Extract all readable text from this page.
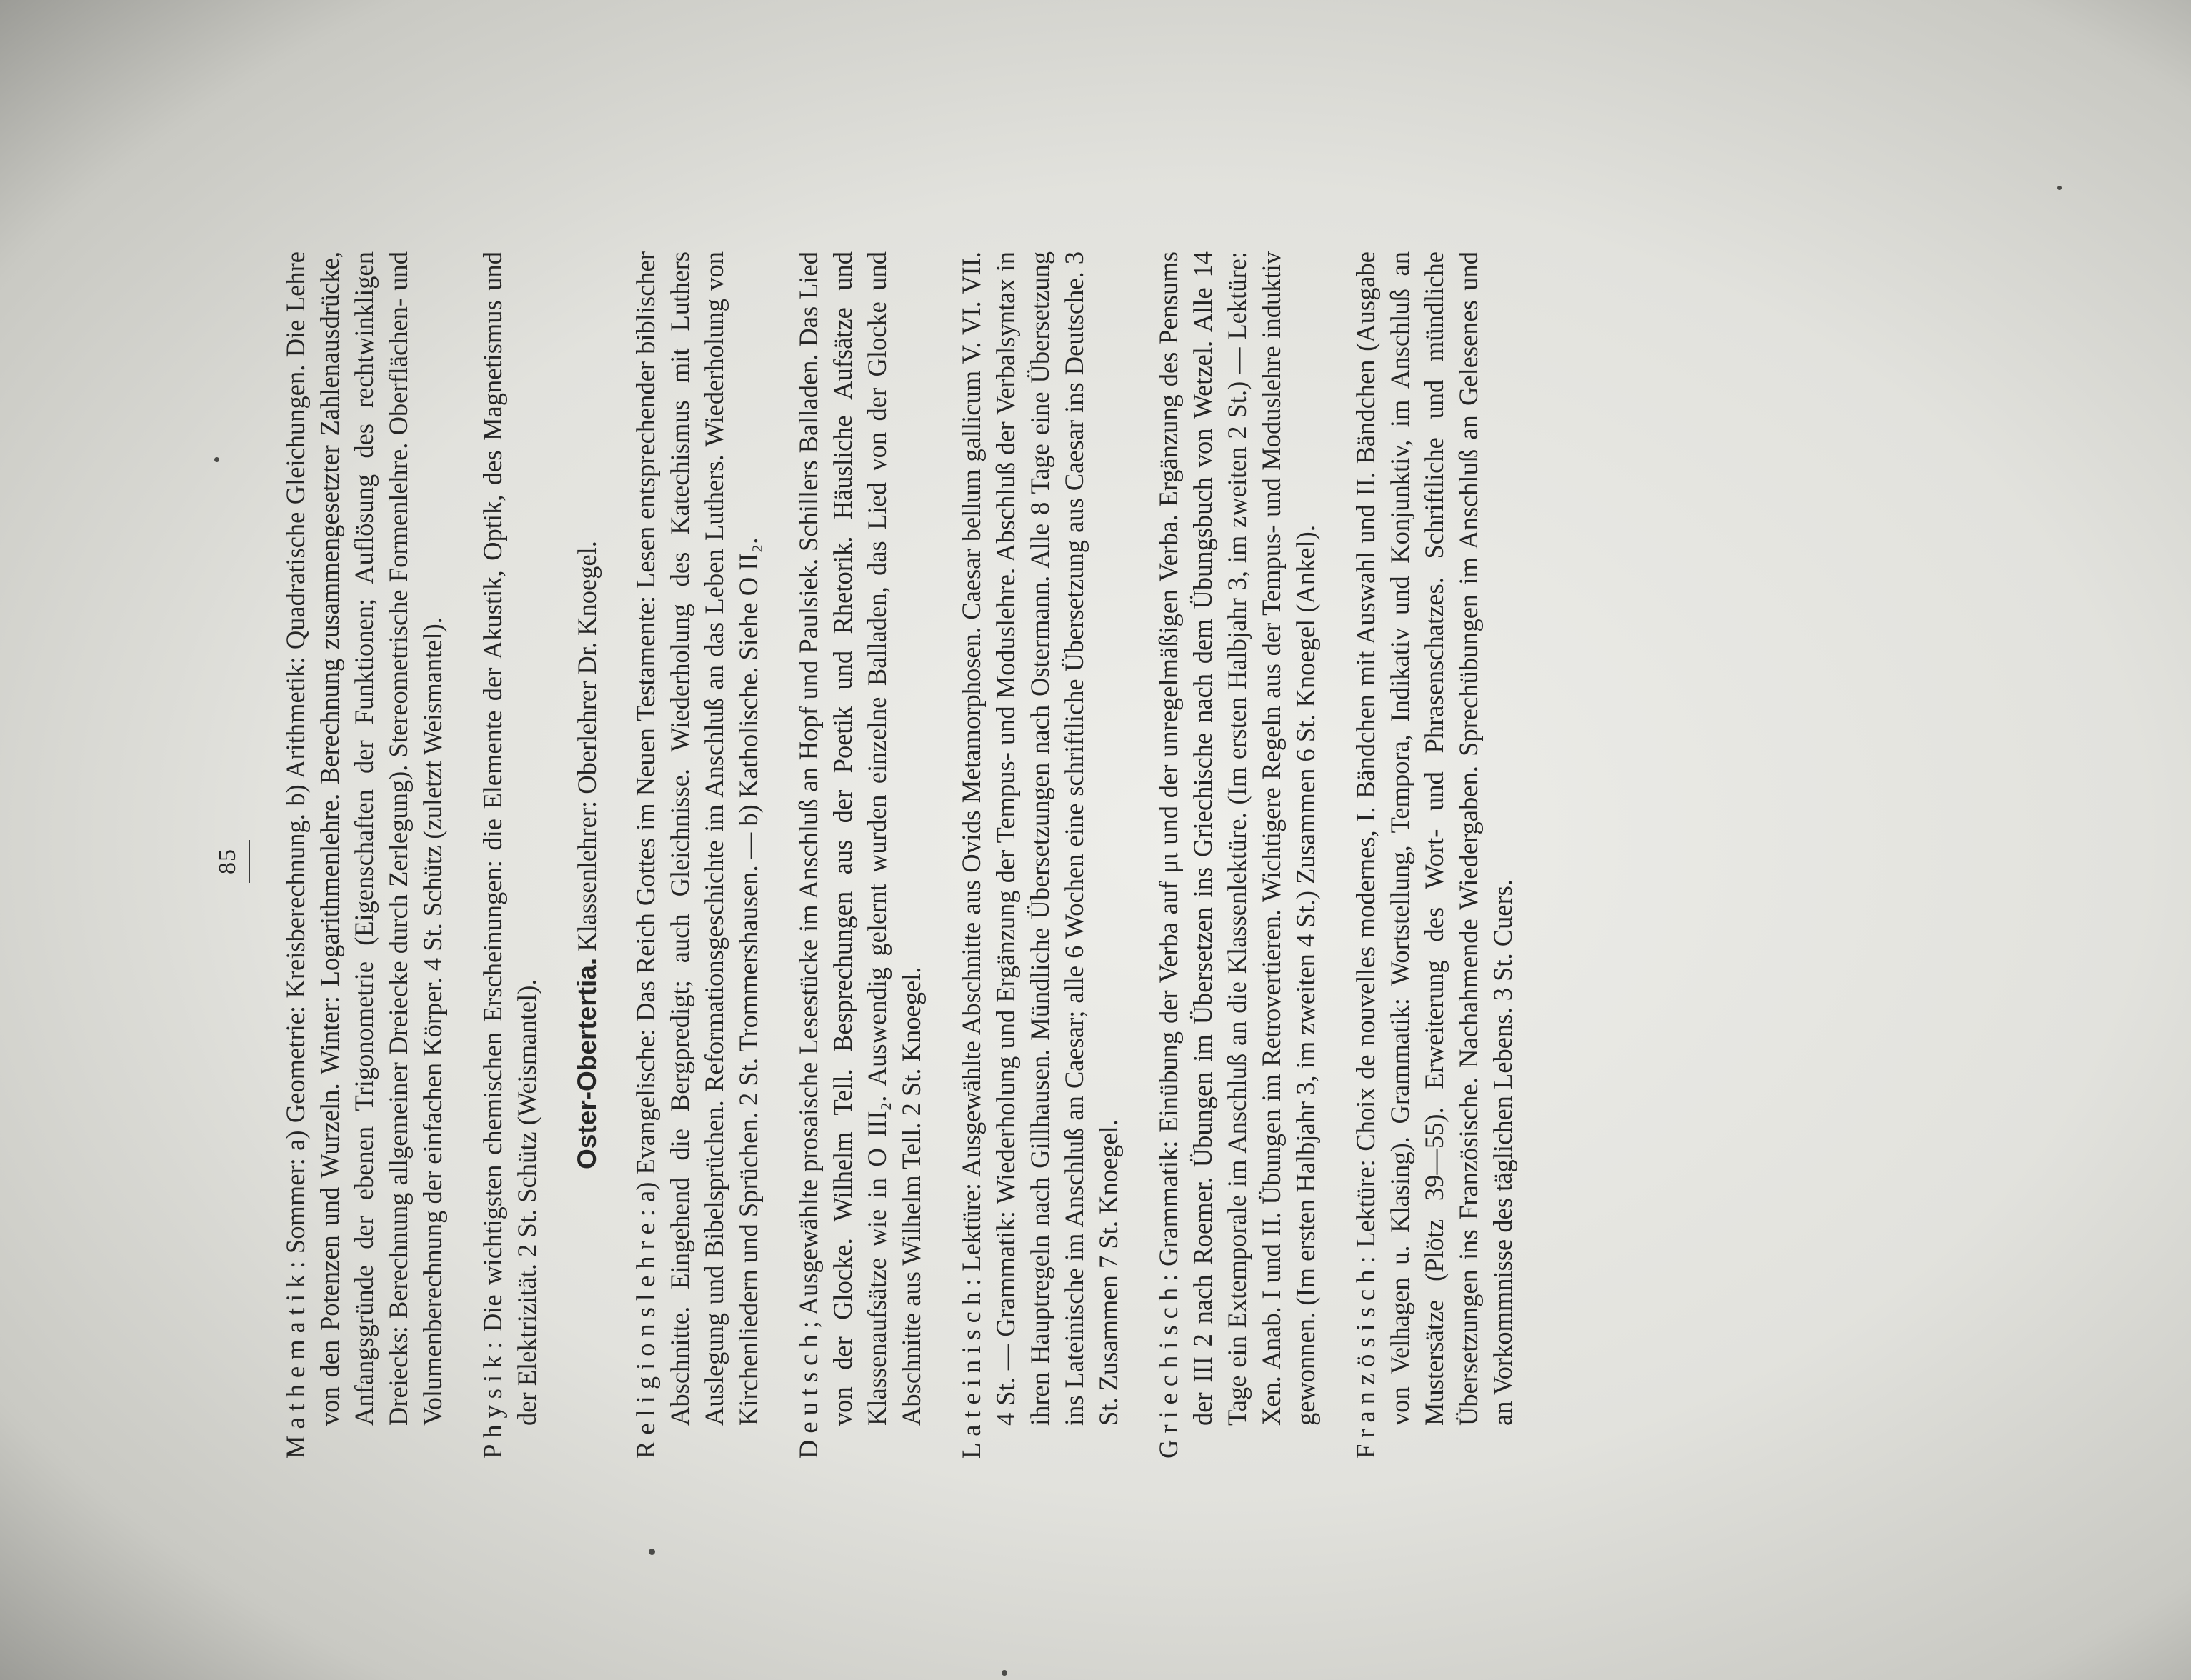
85

Mathematik: Sommer: a) Geometrie: Kreisberechnung. b) Arithmetik: Quadratische Gleichungen. Die Lehre von den Potenzen und Wurzeln. Winter: Logarithmenlehre. Berechnung zusammengesetzter Zahlenausdrücke, Anfangsgründe der ebenen Trigonometrie (Eigenschaften der Funktionen; Auflösung des rechtwinkligen Dreiecks: Berechnung allgemeiner Dreiecke durch Zerlegung). Stereometrische Formenlehre. Oberflächen- und Volumenberechnung der einfachen Körper. 4 St. Schütz (zuletzt Weismantel). Physik: Die wichtigsten chemischen Erscheinungen: die Elemente der Akustik, Optik, des Magnetismus und der Elektrizität. 2 St. Schütz (Weismantel). Oster-Obertertia. Klassenlehrer: Oberlehrer Dr. Knoegel.

Religionslehre: a) Evangelische: Das Reich Gottes im Neuen Testamente: Lesen entsprechender biblischer Abschnitte. Eingehend die Bergpredigt; auch Gleichnisse. Wiederholung des Katechismus mit Luthers Auslegung und Bibelsprüchen. Reformationsgeschichte im Anschluß an das Leben Luthers. Wiederholung von Kirchenliedern und Sprüchen. 2 St. Trommershausen. — b) Katholische. Siehe O II₂. Deutsch; Ausgewählte prosaische Lesestücke im Anschluß an Hopf und Paulsiek. Schillers Balladen. Das Lied von der Glocke. Wilhelm Tell. Besprechungen aus der Poetik und Rhetorik. Häusliche Aufsätze und Klassenaufsätze wie in O III₂. Auswendig gelernt wurden einzelne Balladen, das Lied von der Glocke und Abschnitte aus Wilhelm Tell. 2 St. Knoegel. Lateinisch: Lektüre: Ausgewählte Abschnitte aus Ovids Metamorphosen. Caesar bellum gallicum V. VI. VII. 4 St. — Grammatik: Wiederholung und Ergänzung der Tempus- und Moduslehre. Abschluß der Verbalsyntax in ihren Hauptregeln nach Gillhausen. Mündliche Übersetzungen nach Ostermann. Alle 8 Tage eine Übersetzung ins Lateinische im Anschluß an Caesar; alle 6 Wochen eine schriftliche Übersetzung aus Caesar ins Deutsche. 3 St. Zusammen 7 St. Knoegel. Griechisch: Grammatik: Einübung der Verba auf μι und der unregelmäßigen Verba. Ergänzung des Pensums der III 2 nach Roemer. Übungen im Übersetzen ins Griechische nach dem Übungsbuch von Wetzel. Alle 14 Tage ein Extemporale im Anschluß an die Klassenlektüre. (Im ersten Halbjahr 3, im zweiten 2 St.) — Lektüre: Xen. Anab. I und II. Übungen im Retrovertieren. Wichtigere Regeln aus der Tempus- und Moduslehre induktiv gewonnen. (Im ersten Halbjahr 3, im zweiten 4 St.) Zusammen 6 St. Knoegel (Ankel). Französisch: Lektüre: Choix de nouvelles modernes, I. Bändchen mit Auswahl und II. Bändchen (Ausgabe von Velhagen u. Klasing). Grammatik: Wortstellung, Tempora, Indikativ und Konjunktiv, im Anschluß an Mustersätze (Plötz 39—55). Erweiterung des Wort- und Phrasenschatzes. Schriftliche und mündliche Übersetzungen ins Französische. Nachahmende Wiedergaben. Sprechübungen im Anschluß an Gelesenes und an Vorkommnisse des täglichen Lebens. 3 St. Cuers.
